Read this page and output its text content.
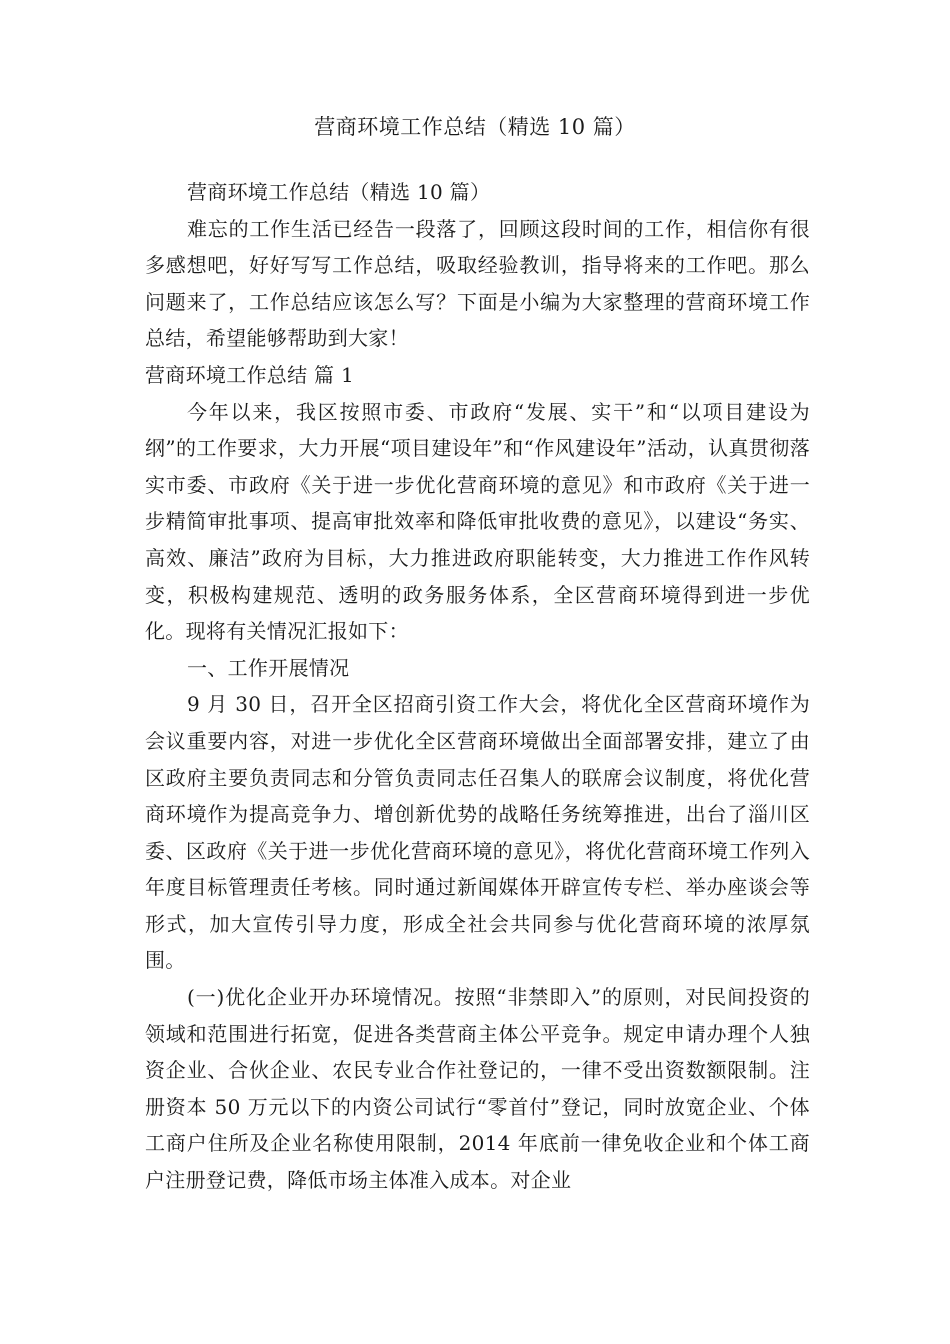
营商环境工作总结（精选 10 篇）

营商环境工作总结（精选 10 篇）

难忘的工作生活已经告一段落了，回顾这段时间的工作，相信你有很多感想吧，好好写写工作总结，吸取经验教训，指导将来的工作吧。那么问题来了，工作总结应该怎么写？下面是小编为大家整理的营商环境工作总结，希望能够帮助到大家！

营商环境工作总结 篇 1

今年以来，我区按照市委、市政府“发展、实干”和“以项目建设为纲”的工作要求，大力开展“项目建设年”和“作风建设年”活动，认真贯彻落实市委、市政府《关于进一步优化营商环境的意见》和市政府《关于进一步精简审批事项、提高审批效率和降低审批收费的意见》，以建设“务实、高效、廉洁”政府为目标，大力推进政府职能转变，大力推进工作作风转变，积极构建规范、透明的政务服务体系，全区营商环境得到进一步优化。现将有关情况汇报如下：

一、工作开展情况

9 月 30 日，召开全区招商引资工作大会，将优化全区营商环境作为会议重要内容，对进一步优化全区营商环境做出全面部署安排，建立了由区政府主要负责同志和分管负责同志任召集人的联席会议制度，将优化营商环境作为提高竞争力、增创新优势的战略任务统筹推进，出台了淄川区委、区政府《关于进一步优化营商环境的意见》，将优化营商环境工作列入年度目标管理责任考核。同时通过新闻媒体开辟宣传专栏、举办座谈会等形式，加大宣传引导力度，形成全社会共同参与优化营商环境的浓厚氛围。

(一)优化企业开办环境情况。按照“非禁即入”的原则，对民间投资的领域和范围进行拓宽，促进各类营商主体公平竞争。规定申请办理个人独资企业、合伙企业、农民专业合作社登记的，一律不受出资数额限制。注册资本 50 万元以下的内资公司试行“零首付”登记，同时放宽企业、个体工商户住所及企业名称使用限制，2014 年底前一律免收企业和个体工商户注册登记费，降低市场主体准入成本。对企业
